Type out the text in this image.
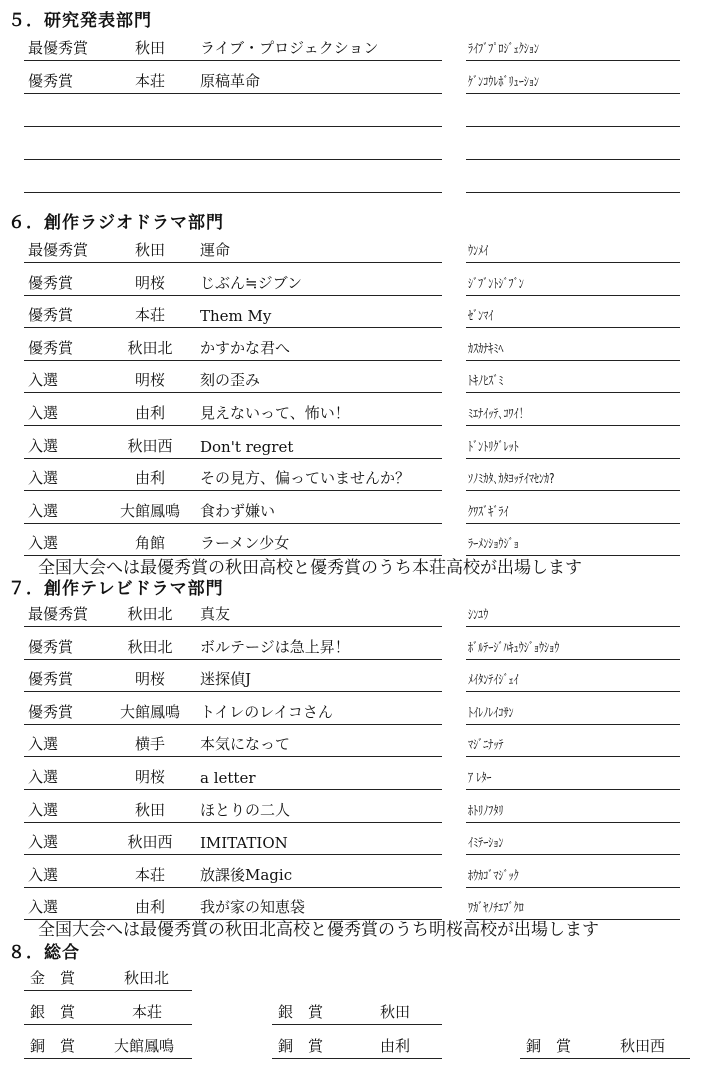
５．研究発表部門
最優秀賞	秋田	ライブ・プロジェクション	ﾗｲﾌﾞﾌﾟﾛｼﾞｪｸｼｮﾝ
優秀賞	本荘	原稿革命	ｹﾞﾝｺｳﾚﾎﾞﾘｭｰｼｮﾝ
６．創作ラジオドラマ部門
最優秀賞	秋田	運命	ｳﾝﾒｲ
優秀賞	明桜	じぶん≒ジブン	ｼﾞﾌﾞﾝﾄｼﾞﾌﾞﾝ
優秀賞	本荘	Them My	ｾﾞﾝﾏｲ
優秀賞	秋田北	かすかな君へ	ｶｽｶﾅｷﾐﾍ
入選	明桜	刻の歪み	ﾄｷﾉﾋｽﾞﾐ
入選	由利	見えないって、怖い！	ﾐｴﾅｲｯﾃ､ｺﾜｲ！
入選	秋田西	Don't regret	ﾄﾞﾝﾄﾘｸﾞﾚｯﾄ
入選	由利	その見方、偏っていませんか？	ｿﾉﾐｶﾀ､ｶﾀﾖｯﾃｲﾏｾﾝｶ?
入選	大館鳳鳴	食わず嫌い	ｸﾜｽﾞｷﾞﾗｲ
入選	角館	ラーメン少女	ﾗｰﾒﾝｼｮｳｼﾞｮ
全国大会へは最優秀賞の秋田高校と優秀賞のうち本荘高校が出場します
７．創作テレビドラマ部門
最優秀賞	秋田北	真友	ｼﾝﾕｳ
優秀賞	秋田北	ボルテージは急上昇！	ﾎﾞﾙﾃｰｼﾞﾊｷｭｳｼﾞｮｳｼｮｳ
優秀賞	明桜	迷探偵J	ﾒｲﾀﾝﾃｲｼﾞｪｲ
優秀賞	大館鳳鳴	トイレのレイコさん	ﾄｲﾚﾉﾚｲｺｻﾝ
入選	横手	本気になって	ﾏｼﾞﾆﾅｯﾃ
入選	明桜	a letter	ｱ ﾚﾀｰ
入選	秋田	ほとりの二人	ﾎﾄﾘﾉﾌﾀﾘ
入選	秋田西	IMITATION	ｲﾐﾃｰｼｮﾝ
入選	本荘	放課後Magic	ﾎｳｶｺﾞﾏｼﾞｯｸ
入選	由利	我が家の知恵袋	ﾜｶﾞﾔﾉﾁｴﾌﾞｸﾛ
全国大会へは最優秀賞の秋田北高校と優秀賞のうち明桜高校が出場します
８．総合
金　賞	秋田北
銀　賞	本荘	銀　賞	秋田
銅　賞	大館鳳鳴	銅　賞	由利	銅　賞	秋田西
